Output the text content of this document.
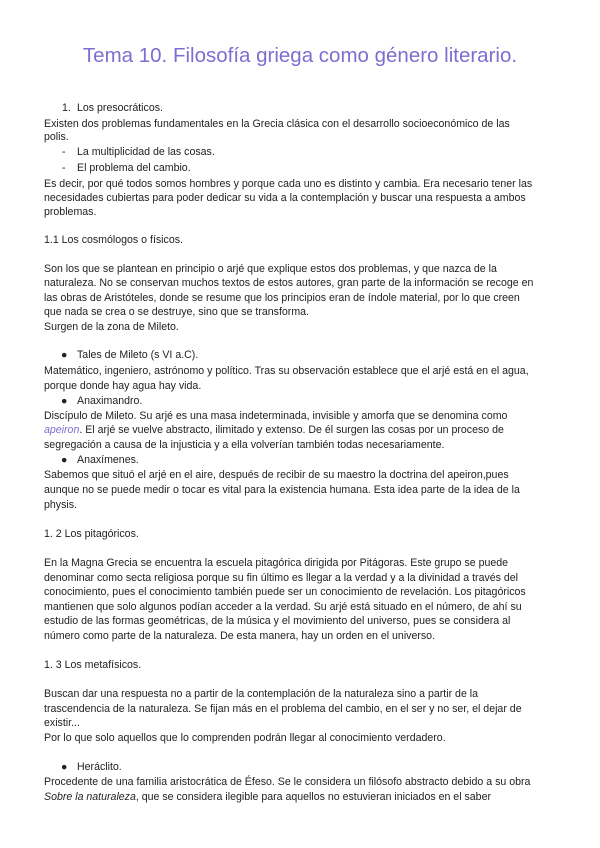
Tema 10. Filosofía griega como género literario.
1. Los presocráticos.

Existen dos problemas fundamentales en la Grecia clásica con el desarrollo socioeconómico de las

polis.

- La multiplicidad de las cosas.

- El problema del cambio.

Es decir, por qué todos somos hombres y porque cada uno es distinto y cambia. Era necesario tener las

necesidades cubiertas para poder dedicar su vida a la contemplación y buscar una respuesta a ambos

problemas.

1.1 Los cosmólogos o físicos.

Son los que se plantean en principio o arjé que explique estos dos problemas, y que nazca de la

naturaleza. No se conservan muchos textos de estos autores, gran parte de la información se recoge en

las obras de Aristóteles, donde se resume que los principios eran de índole material, por lo que creen

que nada se crea o se destruye, sino que se transforma.

Surgen de la zona de Mileto.

● Tales de Mileto (s VI a.C).

Matemático, ingeniero, astrónomo y político. Tras su observación establece que el arjé está en el agua,

porque donde hay agua hay vida.

● Anaximandro.

Discípulo de Mileto. Su arjé es una masa indeterminada, invisible y amorfa que se denomina como

apeiron. El arjé se vuelve abstracto, ilimitado y extenso. De él surgen las cosas por un proceso de

segregación a causa de la injusticia y a ella volverían también todas necesariamente.

● Anaxímenes.

Sabemos que situó el arjé en el aire, después de recibir de su maestro la doctrina del apeiron,pues

aunque no se puede medir o tocar es vital para la existencia humana. Esta idea parte de la idea de la

physis.

1. 2 Los pitagóricos.

En la Magna Grecia se encuentra la escuela pitagórica dirigida por Pitágoras. Este grupo se puede

denominar como secta religiosa porque su fin último es llegar a la verdad y a la divinidad a través del

conocimiento, pues el conocimiento también puede ser un conocimiento de revelación. Los pitagóricos

mantienen que solo algunos podían acceder a la verdad. Su arjé está situado en el número, de ahí su

estudio de las formas geométricas, de la música y el movimiento del universo, pues se considera al

número como parte de la naturaleza. De esta manera, hay un orden en el universo.

1. 3 Los metafísicos.

Buscan dar una respuesta no a partir de la contemplación de la naturaleza sino a partir de la

trascendencia de la naturaleza. Se fijan más en el problema del cambio, en el ser y no ser, el dejar de

existir...

Por lo que solo aquellos que lo comprenden podrán llegar al conocimiento verdadero.

● Heráclito.

Procedente de una familia aristocrática de Éfeso. Se le considera un filósofo abstracto debido a su obra

Sobre la naturaleza, que se considera ilegible para aquellos no estuvieran iniciados en el saber
